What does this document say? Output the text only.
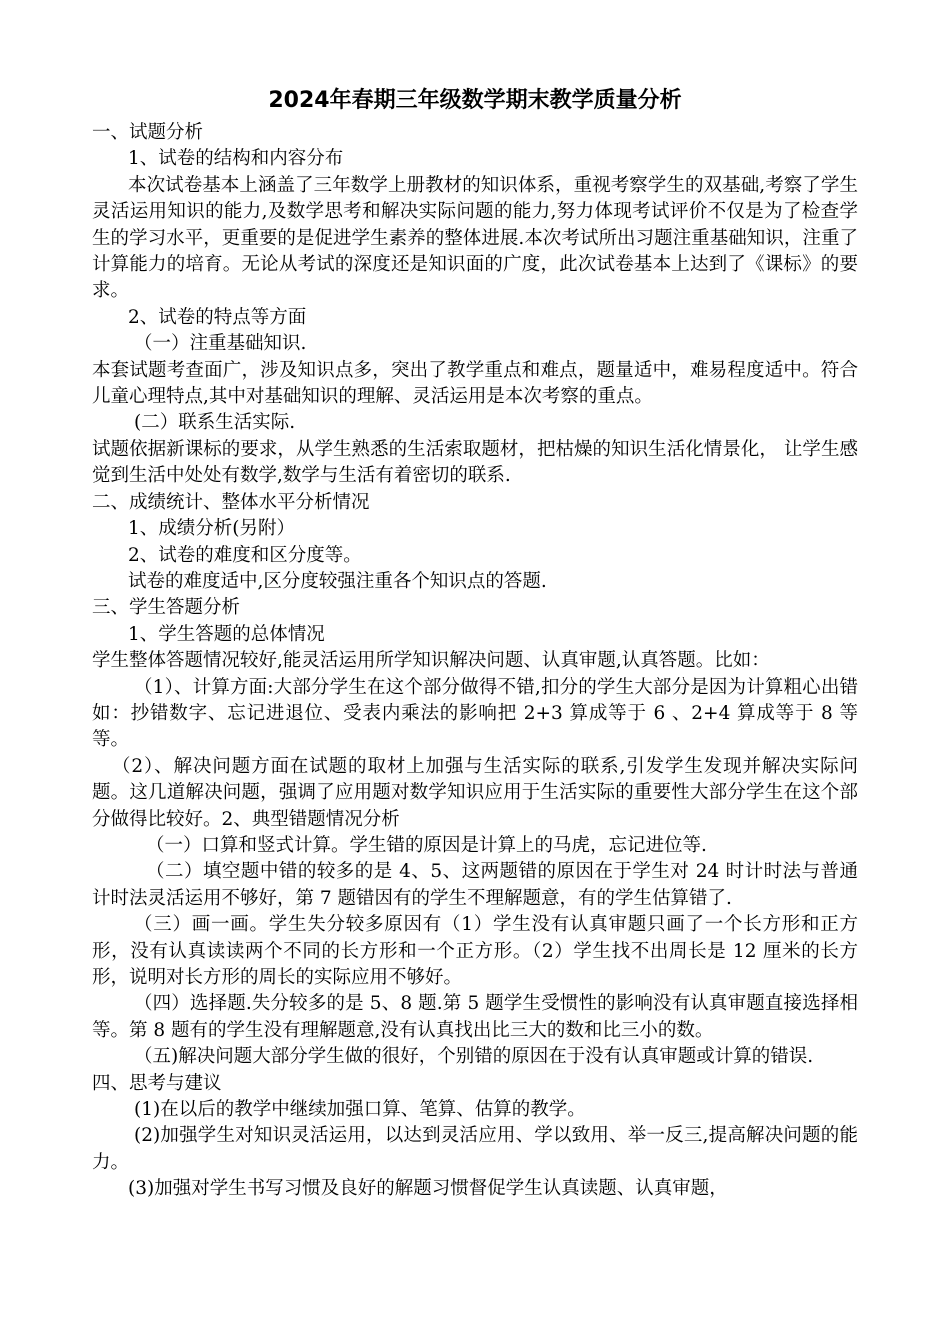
2024年春期三年级数学期末教学质量分析

一、试题分析

1、试卷的结构和内容分布

本次试卷基本上涵盖了三年数学上册教材的知识体系，重视考察学生的双基础,考察了学生灵活运用知识的能力,及数学思考和解决实际问题的能力,努力体现考试评价不仅是为了检查学生的学习水平，更重要的是促进学生素养的整体进展.本次考试所出习题注重基础知识，注重了计算能力的培育。无论从考试的深度还是知识面的广度，此次试卷基本上达到了《课标》的要求。

2、试卷的特点等方面

（一）注重基础知识.

本套试题考查面广，涉及知识点多，突出了教学重点和难点，题量适中，难易程度适中。符合儿童心理特点,其中对基础知识的理解、灵活运用是本次考察的重点。

(二）联系生活实际.

试题依据新课标的要求，从学生熟悉的生活索取题材，把枯燥的知识生活化情景化， 让学生感觉到生活中处处有数学,数学与生活有着密切的联系.

二、成绩统计、整体水平分析情况

1、成绩分析(另附）

2、试卷的难度和区分度等。

试卷的难度适中,区分度较强注重各个知识点的答题.

三、学生答题分析

1、学生答题的总体情况

学生整体答题情况较好,能灵活运用所学知识解决问题、认真审题,认真答题。比如：

（1）、计算方面:大部分学生在这个部分做得不错,扣分的学生大部分是因为计算粗心出错如：抄错数字、忘记进退位、受表内乘法的影响把 2+3 算成等于 6 、2+4 算成等于 8 等等。

（2）、解决问题方面在试题的取材上加强与生活实际的联系,引发学生发现并解决实际问题。这几道解决问题，强调了应用题对数学知识应用于生活实际的重要性大部分学生在这个部分做得比较好。2、典型错题情况分析

（一）口算和竖式计算。学生错的原因是计算上的马虎，忘记进位等.

（二）填空题中错的较多的是 4、5、这两题错的原因在于学生对 24 时计时法与普通计时法灵活运用不够好，第 7 题错因有的学生不理解题意，有的学生估算错了.

（三）画一画。学生失分较多原因有（1）学生没有认真审题只画了一个长方形和正方形，没有认真读读两个不同的长方形和一个正方形。（2）学生找不出周长是 12 厘米的长方形，说明对长方形的周长的实际应用不够好。

（四）选择题.失分较多的是 5、8 题.第 5 题学生受惯性的影响没有认真审题直接选择相等。第 8 题有的学生没有理解题意,没有认真找出比三大的数和比三小的数。

（五)解决问题大部分学生做的很好，个别错的原因在于没有认真审题或计算的错误.

四、思考与建议

(1)在以后的教学中继续加强口算、笔算、估算的教学。

(2)加强学生对知识灵活运用，以达到灵活应用、学以致用、举一反三,提高解决问题的能力。

(3)加强对学生书写习惯及良好的解题习惯督促学生认真读题、认真审题，
